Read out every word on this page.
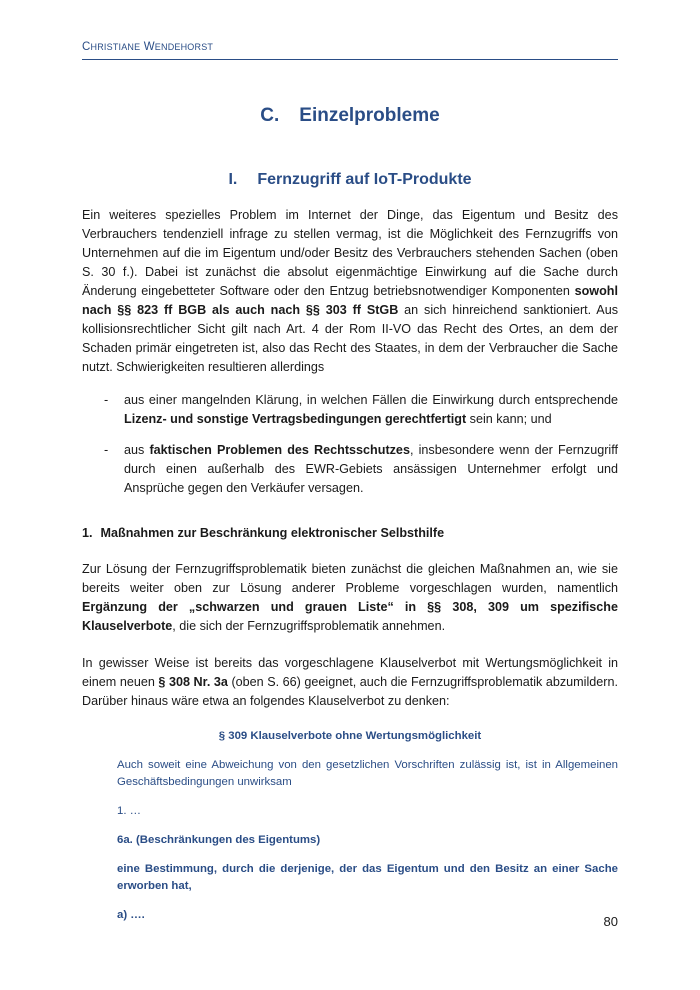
CHRISTIANE WENDEHORST
C. Einzelprobleme
I. Fernzugriff auf IoT-Produkte

Ein weiteres spezielles Problem im Internet der Dinge, das Eigentum und Besitz des Verbrauchers tendenziell infrage zu stellen vermag, ist die Möglichkeit des Fernzugriffs von Unternehmen auf die im Eigentum und/oder Besitz des Verbrauchers stehenden Sachen (oben S. 30 f.). Dabei ist zunächst die absolut eigenmächtige Einwirkung auf die Sache durch Änderung eingebetteter Software oder den Entzug betriebsnotwendiger Komponenten sowohl nach §§ 823 ff BGB als auch nach §§ 303 ff StGB an sich hinreichend sanktioniert. Aus kollisionsrechtlicher Sicht gilt nach Art. 4 der Rom II-VO das Recht des Ortes, an dem der Schaden primär eingetreten ist, also das Recht des Staates, in dem der Verbraucher die Sache nutzt. Schwierigkeiten resultieren allerdings

- aus einer mangelnden Klärung, in welchen Fällen die Einwirkung durch entsprechende Lizenz- und sonstige Vertragsbedingungen gerechtfertigt sein kann; und
- aus faktischen Problemen des Rechtsschutzes, insbesondere wenn der Fernzugriff durch einen außerhalb des EWR-Gebiets ansässigen Unternehmer erfolgt und Ansprüche gegen den Verkäufer versagen.
1. Maßnahmen zur Beschränkung elektronischer Selbsthilfe

Zur Lösung der Fernzugriffsproblematik bieten zunächst die gleichen Maßnahmen an, wie sie bereits weiter oben zur Lösung anderer Probleme vorgeschlagen wurden, namentlich Ergänzung der „schwarzen und grauen Liste“ in §§ 308, 309 um spezifische Klauselverbote, die sich der Fernzugriffsproblematik annehmen.

In gewisser Weise ist bereits das vorgeschlagene Klauselverbot mit Wertungsmöglichkeit in einem neuen § 308 Nr. 3a (oben S. 66) geeignet, auch die Fernzugriffsproblematik abzumildern. Darüber hinaus wäre etwa an folgendes Klauselverbot zu denken:

§ 309 Klauselverbote ohne Wertungsmöglichkeit
Auch soweit eine Abweichung von den gesetzlichen Vorschriften zulässig ist, ist in Allgemeinen Geschäftsbedingungen unwirksam
1. …
6a. (Beschränkungen des Eigentums)
eine Bestimmung, durch die derjenige, der das Eigentum und den Besitz an einer Sache erworben hat,
a) ….	80
